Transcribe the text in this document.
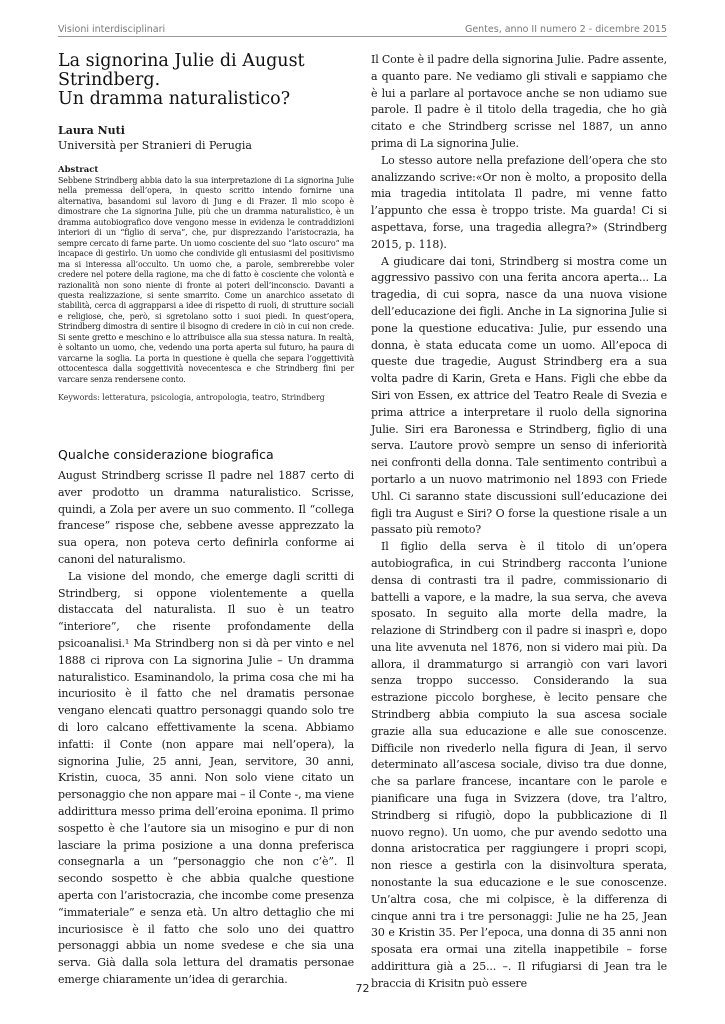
Visioni interdisciplinari	Gentes, anno II numero 2 - dicembre 2015
La signorina Julie di August
Strindberg.
Un dramma naturalistico?

Laura Nuti

Università per Stranieri di Perugia

Abstract

Sebbene Strindberg abbia dato la sua interpretazione di La signorina Julie nella premessa dell’opera, in questo scritto intendo fornirne una alternativa, basandomi sul lavoro di Jung e di Frazer. Il mio scopo è dimostrare che La signorina Julie, più che un dramma naturalistico, è un dramma autobiografico dove vengono messe in evidenza le contraddizioni interiori di un “figlio di serva”, che, pur disprezzando l’aristocrazia, ha sempre cercato di farne parte. Un uomo cosciente del suo “lato oscuro” ma incapace di gestirlo. Un uomo che condivide gli entusiasmi del positivismo ma si interessa all’occulto. Un uomo che, a parole, sembrerebbe voler credere nel potere della ragione, ma che di fatto è cosciente che volontà e razionalità non sono niente di fronte ai poteri dell’inconscio. Davanti a questa realizzazione, si sente smarrito. Come un anarchico assetato di stabilità, cerca di aggrapparsi a idee di rispetto di ruoli, di strutture sociali e religiose, che, però, si sgretolano sotto i suoi piedi. In quest’opera, Strindberg dimostra di sentire il bisogno di credere in ciò in cui non crede. Si sente gretto e meschino e lo attribuisce alla sua stessa natura. In realtà, è soltanto un uomo, che, vedendo una porta aperta sul futuro, ha paura di varcarne la soglia. La porta in questione è quella che separa l’oggettività ottocentesca dalla soggettività novecentesca e che Strindberg fini per varcare senza rendersene conto.

Keywords: letteratura, psicologia, antropologia, teatro, Strindberg

Qualche considerazione biografica

August Strindberg scrisse Il padre nel 1887 certo di aver prodotto un dramma naturalistico. Scrisse, quindi, a Zola per avere un suo commento. Il “collega francese” rispose che, sebbene avesse apprezzato la sua opera, non poteva certo definirla conforme ai canoni del naturalismo.

La visione del mondo, che emerge dagli scritti di Strindberg, si oppone violentemente a quella distaccata del naturalista. Il suo è un teatro “interiore”, che risente profondamente della psicoanalisi.¹ Ma Strindberg non si dà per vinto e nel 1888 ci riprova con La signorina Julie – Un dramma naturalistico. Esaminandolo, la prima cosa che mi ha incuriosito è il fatto che nel dramatis personae vengano elencati quattro personaggi quando solo tre di loro calcano effettivamente la scena. Abbiamo infatti: il Conte (non appare mai nell’opera), la signorina Julie, 25 anni, Jean, servitore, 30 anni, Kristin, cuoca, 35 anni. Non solo viene citato un personaggio che non appare mai – il Conte -, ma viene addirittura messo prima dell’eroina eponima. Il primo sospetto è che l’autore sia un misogino e pur di non lasciare la prima posizione a una donna preferisca consegnarla a un “personaggio che non c’è”. Il secondo sospetto è che abbia qualche questione aperta con l’aristocrazia, che incombe come presenza “immateriale” e senza età. Un altro dettaglio che mi incuriosisce è il fatto che solo uno dei quattro personaggi abbia un nome svedese e che sia una serva. Già dalla sola lettura del dramatis personae emerge chiaramente un’idea di gerarchia.

Il Conte è il padre della signorina Julie. Padre assente, a quanto pare. Ne vediamo gli stivali e sappiamo che è lui a parlare al portavoce anche se non udiamo sue parole. Il padre è il titolo della tragedia, che ho già citato e che Strindberg scrisse nel 1887, un anno prima di La signorina Julie.

Lo stesso autore nella prefazione dell’opera che sto analizzando scrive:«Or non è molto, a proposito della mia tragedia intitolata Il padre, mi venne fatto l’appunto che essa è troppo triste. Ma guarda! Ci si aspettava, forse, una tragedia allegra?» (Strindberg 2015, p. 118).

A giudicare dai toni, Strindberg si mostra come un aggressivo passivo con una ferita ancora aperta... La tragedia, di cui sopra, nasce da una nuova visione dell’educazione dei figli. Anche in La signorina Julie si pone la questione educativa: Julie, pur essendo una donna, è stata educata come un uomo. All’epoca di queste due tragedie, August Strindberg era a sua volta padre di Karin, Greta e Hans. Figli che ebbe da Siri von Essen, ex attrice del Teatro Reale di Svezia e prima attrice a interpretare il ruolo della signorina Julie. Siri era Baronessa e Strindberg, figlio di una serva. L’autore provò sempre un senso di inferiorità nei confronti della donna. Tale sentimento contribuì a portarlo a un nuovo matrimonio nel 1893 con Friede Uhl. Ci saranno state discussioni sull’educazione dei figli tra August e Siri? O forse la questione risale a un passato più remoto?

Il figlio della serva è il titolo di un’opera autobiografica, in cui Strindberg racconta l’unione densa di contrasti tra il padre, commissionario di battelli a vapore, e la madre, la sua serva, che aveva sposato. In seguito alla morte della madre, la relazione di Strindberg con il padre si inasprì e, dopo una lite avvenuta nel 1876, non si videro mai più. Da allora, il drammaturgo si arrangiò con vari lavori senza troppo successo. Considerando la sua estrazione piccolo borghese, è lecito pensare che Strindberg abbia compiuto la sua ascesa sociale grazie alla sua educazione e alle sue conoscenze. Difficile non rivederlo nella figura di Jean, il servo determinato all’ascesa sociale, diviso tra due donne, che sa parlare francese, incantare con le parole e pianificare una fuga in Svizzera (dove, tra l’altro, Strindberg si rifugiò, dopo la pubblicazione di Il nuovo regno). Un uomo, che pur avendo sedotto una donna aristocratica per raggiungere i propri scopi, non riesce a gestirla con la disinvoltura sperata, nonostante la sua educazione e le sue conoscenze. Un’altra cosa, che mi colpisce, è la differenza di cinque anni tra i tre personaggi: Julie ne ha 25, Jean 30 e Kristin 35. Per l’epoca, una donna di 35 anni non sposata era ormai una zitella inappetibile – forse addirittura già a 25... –. Il rifugiarsi di Jean tra le braccia di Krisitn può essere

72
